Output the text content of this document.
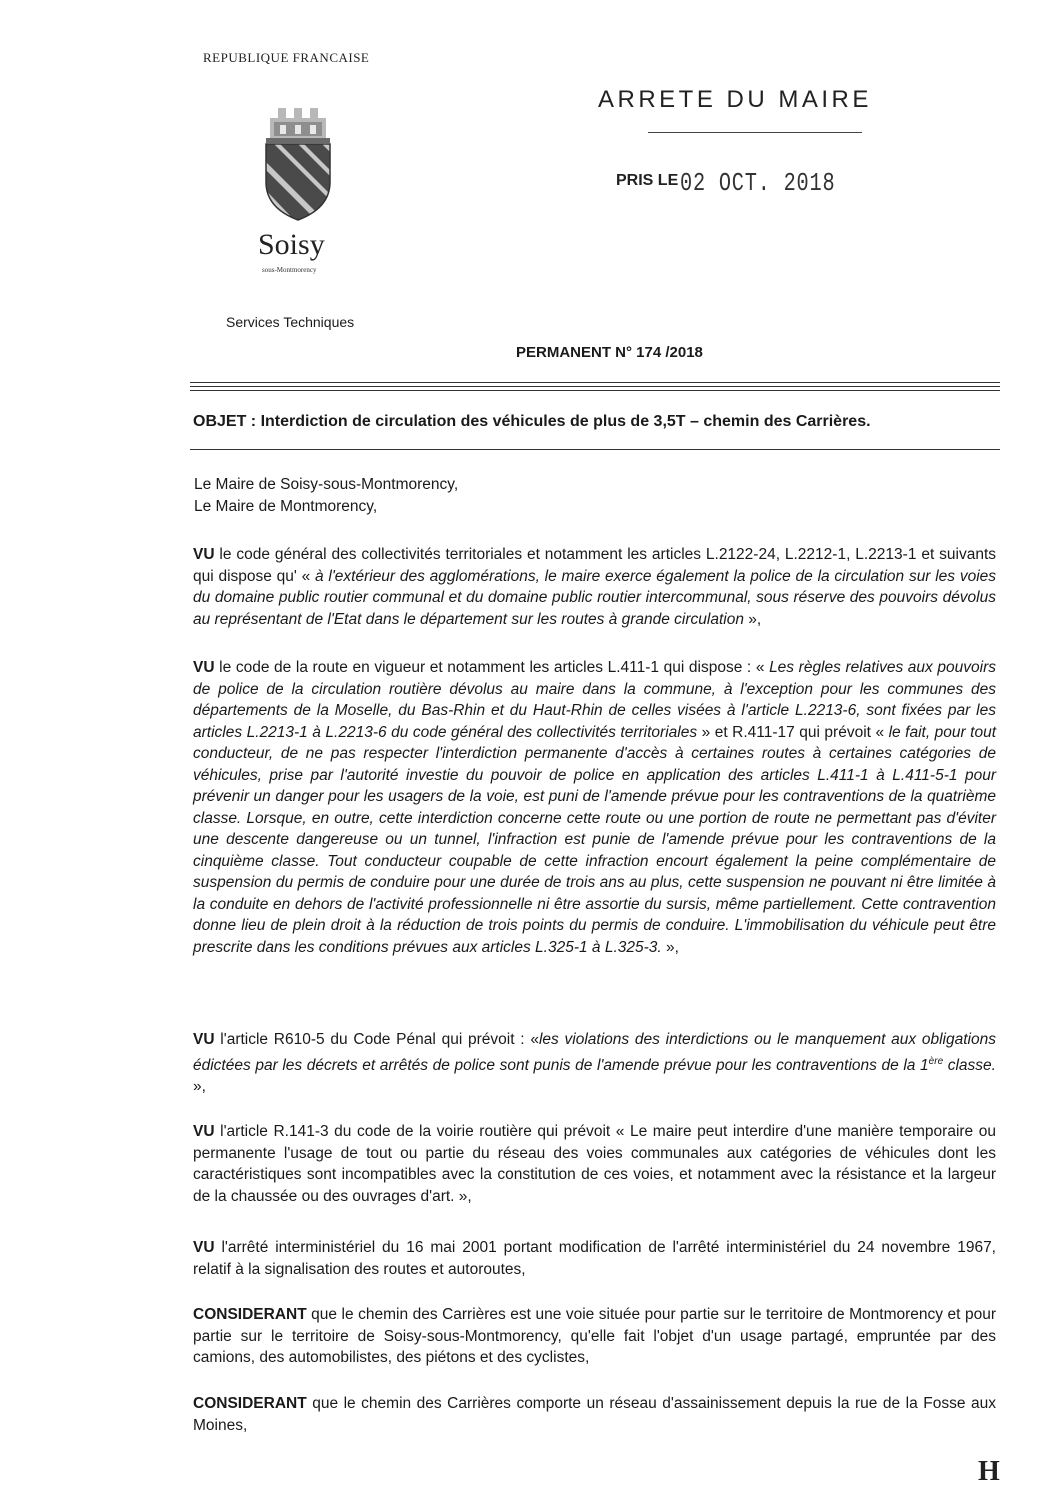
REPUBLIQUE FRANCAISE
Soisy
sous-Montmorency
ARRETE DU MAIRE
PRIS LE 02 OCT. 2018
Services Techniques
PERMANENT N° 174 /2018
OBJET : Interdiction de circulation des véhicules de plus de 3,5T – chemin des Carrières.
Le Maire de Soisy-sous-Montmorency,
Le Maire de Montmorency,
VU le code général des collectivités territoriales et notamment les articles L.2122-24, L.2212-1, L.2213-1 et suivants qui dispose qu' « à l'extérieur des agglomérations, le maire exerce également la police de la circulation sur les voies du domaine public routier communal et du domaine public routier intercommunal, sous réserve des pouvoirs dévolus au représentant de l'Etat dans le département sur les routes à grande circulation »,
VU le code de la route en vigueur et notamment les articles L.411-1 qui dispose : « Les règles relatives aux pouvoirs de police de la circulation routière dévolus au maire dans la commune, à l'exception pour les communes des départements de la Moselle, du Bas-Rhin et du Haut-Rhin de celles visées à l'article L.2213-6, sont fixées par les articles L.2213-1 à L.2213-6 du code général des collectivités territoriales » et R.411-17 qui prévoit « le fait, pour tout conducteur, de ne pas respecter l'interdiction permanente d'accès à certaines routes à certaines catégories de véhicules, prise par l'autorité investie du pouvoir de police en application des articles L.411-1 à L.411-5-1 pour prévenir un danger pour les usagers de la voie, est puni de l'amende prévue pour les contraventions de la quatrième classe. Lorsque, en outre, cette interdiction concerne cette route ou une portion de route ne permettant pas d'éviter une descente dangereuse ou un tunnel, l'infraction est punie de l'amende prévue pour les contraventions de la cinquième classe. Tout conducteur coupable de cette infraction encourt également la peine complémentaire de suspension du permis de conduire pour une durée de trois ans au plus, cette suspension ne pouvant ni être limitée à la conduite en dehors de l'activité professionnelle ni être assortie du sursis, même partiellement. Cette contravention donne lieu de plein droit à la réduction de trois points du permis de conduire. L'immobilisation du véhicule peut être prescrite dans les conditions prévues aux articles L.325-1 à L.325-3. »,
VU l'article R610-5 du Code Pénal qui prévoit : «les violations des interdictions ou le manquement aux obligations édictées par les décrets et arrêtés de police sont punis de l'amende prévue pour les contraventions de la 1ère classe. »,
VU l'article R.141-3 du code de la voirie routière qui prévoit « Le maire peut interdire d'une manière temporaire ou permanente l'usage de tout ou partie du réseau des voies communales aux catégories de véhicules dont les caractéristiques sont incompatibles avec la constitution de ces voies, et notamment avec la résistance et la largeur de la chaussée ou des ouvrages d'art. »,
VU l'arrêté interministériel du 16 mai 2001 portant modification de l'arrêté interministériel du 24 novembre 1967, relatif à la signalisation des routes et autoroutes,
CONSIDERANT que le chemin des Carrières est une voie située pour partie sur le territoire de Montmorency et pour partie sur le territoire de Soisy-sous-Montmorency, qu'elle fait l'objet d'un usage partagé, empruntée par des camions, des automobilistes, des piétons et des cyclistes,
CONSIDERANT que le chemin des Carrières comporte un réseau d'assainissement depuis la rue de la Fosse aux Moines,
H
